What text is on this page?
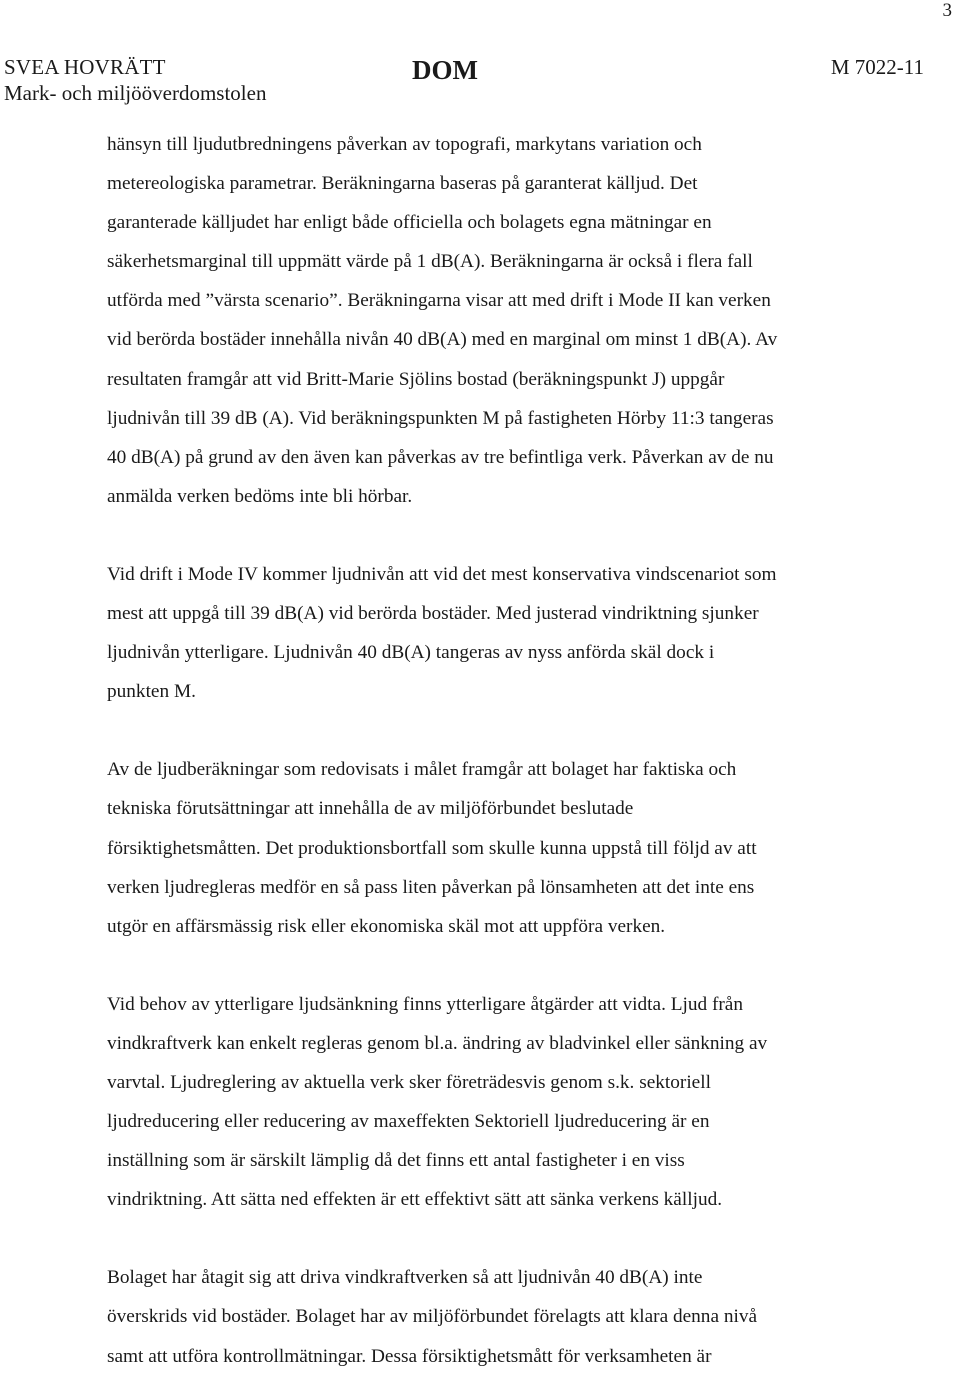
3
SVEA HOVRÄTT
Mark- och miljööverdomstolen
DOM	M 7022-11
hänsyn till ljudutbredningens påverkan av topografi, markytans variation och
metereologiska parametrar. Beräkningarna baseras på garanterat källjud. Det
garanterade källjudet har enligt både officiella och bolagets egna mätningar en
säkerhetsmarginal till uppmätt värde på 1 dB(A). Beräkningarna är också i flera fall
utförda med ”värsta scenario”. Beräkningarna visar att med drift i Mode II kan verken
vid berörda bostäder innehålla nivån 40 dB(A) med en marginal om minst 1 dB(A). Av
resultaten framgår att vid Britt-Marie Sjölins bostad (beräkningspunkt J) uppgår
ljudnivån till 39 dB (A). Vid beräkningspunkten M på fastigheten Hörby 11:3 tangeras
40 dB(A) på grund av den även kan påverkas av tre befintliga verk. Påverkan av de nu
anmälda verken bedöms inte bli hörbar.
Vid drift i Mode IV kommer ljudnivån att vid det mest konservativa vindscenariot som
mest att uppgå till 39 dB(A) vid berörda bostäder. Med justerad vindriktning sjunker
ljudnivån ytterligare. Ljudnivån 40 dB(A) tangeras av nyss anförda skäl dock i
punkten M.
Av de ljudberäkningar som redovisats i målet framgår att bolaget har faktiska och
tekniska förutsättningar att innehålla de av miljöförbundet beslutade
försiktighetsmåtten. Det produktionsbortfall som skulle kunna uppstå till följd av att
verken ljudregleras medför en så pass liten påverkan på lönsamheten att det inte ens
utgör en affärsmässig risk eller ekonomiska skäl mot att uppföra verken.
Vid behov av ytterligare ljudsänkning finns ytterligare åtgärder att vidta. Ljud från
vindkraftverk kan enkelt regleras genom bl.a. ändring av bladvinkel eller sänkning av
varvtal. Ljudreglering av aktuella verk sker företrädesvis genom s.k. sektoriell
ljudreducering eller reducering av maxeffekten Sektoriell ljudreducering är en
inställning som är särskilt lämplig då det finns ett antal fastigheter i en viss
vindriktning. Att sätta ned effekten är ett effektivt sätt att sänka verkens källjud.
Bolaget har åtagit sig att driva vindkraftverken så att ljudnivån 40 dB(A) inte
överskrids vid bostäder. Bolaget har av miljöförbundet förelagts att klara denna nivå
samt att utföra kontrollmätningar. Dessa försiktighetsmått för verksamheten är
